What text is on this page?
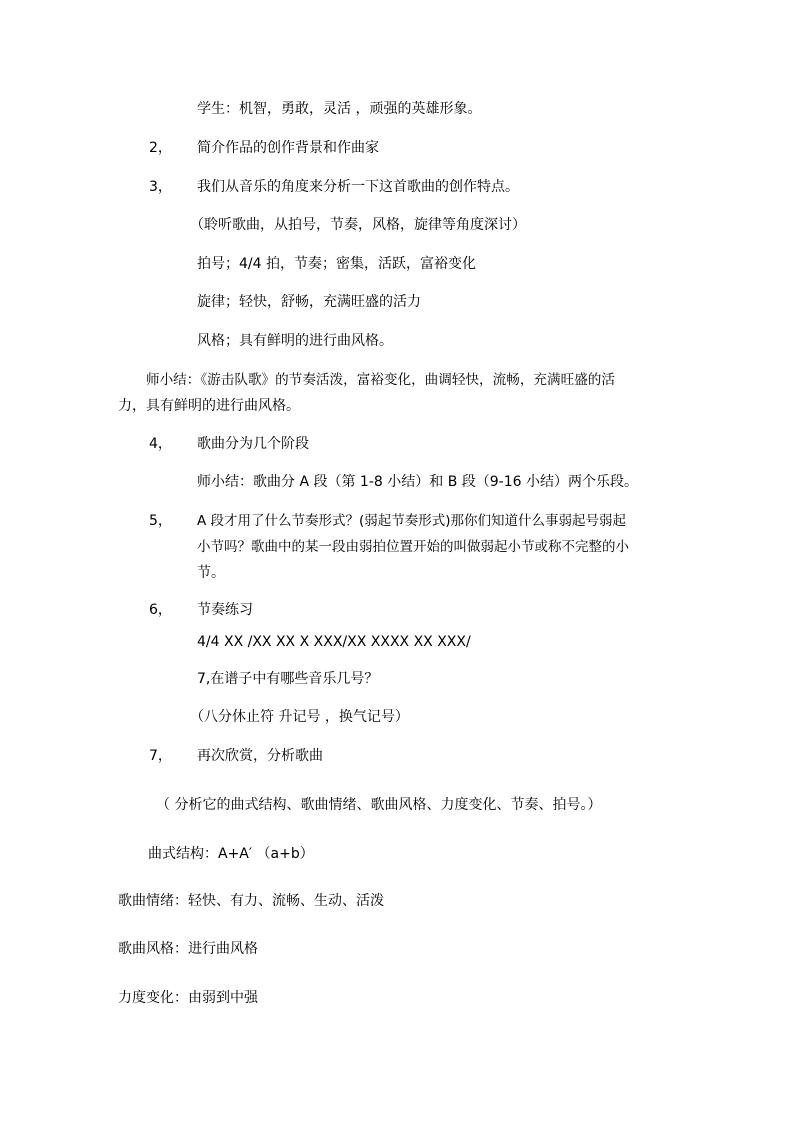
学生：机智，勇敢，灵活 ，顽强的英雄形象。
2， 简介作品的创作背景和作曲家
3， 我们从音乐的角度来分析一下这首歌曲的创作特点。
（聆听歌曲，从拍号，节奏，风格，旋律等角度深讨）
拍号；4/4 拍，节奏；密集，活跃，富裕变化
旋律；轻快，舒畅，充满旺盛的活力
风格；具有鲜明的进行曲风格。
师小结：《游击队歌》的节奏活泼，富裕变化，曲调轻快，流畅，充满旺盛的活
力，具有鲜明的进行曲风格。
4， 歌曲分为几个阶段
师小结：歌曲分 A 段（第 1-8 小结）和 B 段（9-16 小结）两个乐段。
5， A 段才用了什么节奏形式？(弱起节奏形式)那你们知道什么事弱起号弱起
小节吗？歌曲中的某一段由弱拍位置开始的叫做弱起小节或称不完整的小
节。
6， 节奏练习
4/4 XX /XX XX X XXX/XX XXXX XX XXX/
7,在谱子中有哪些音乐几号？
（八分休止符 升记号 ，换气记号）
7， 再次欣赏，分析歌曲
（ 分析它的曲式结构、歌曲情绪、歌曲风格、力度变化、节奏、拍号。）
曲式结构：A+A′ （a+b）
歌曲情绪：轻快、有力、流畅、生动、活泼
歌曲风格：进行曲风格
力度变化：由弱到中强
